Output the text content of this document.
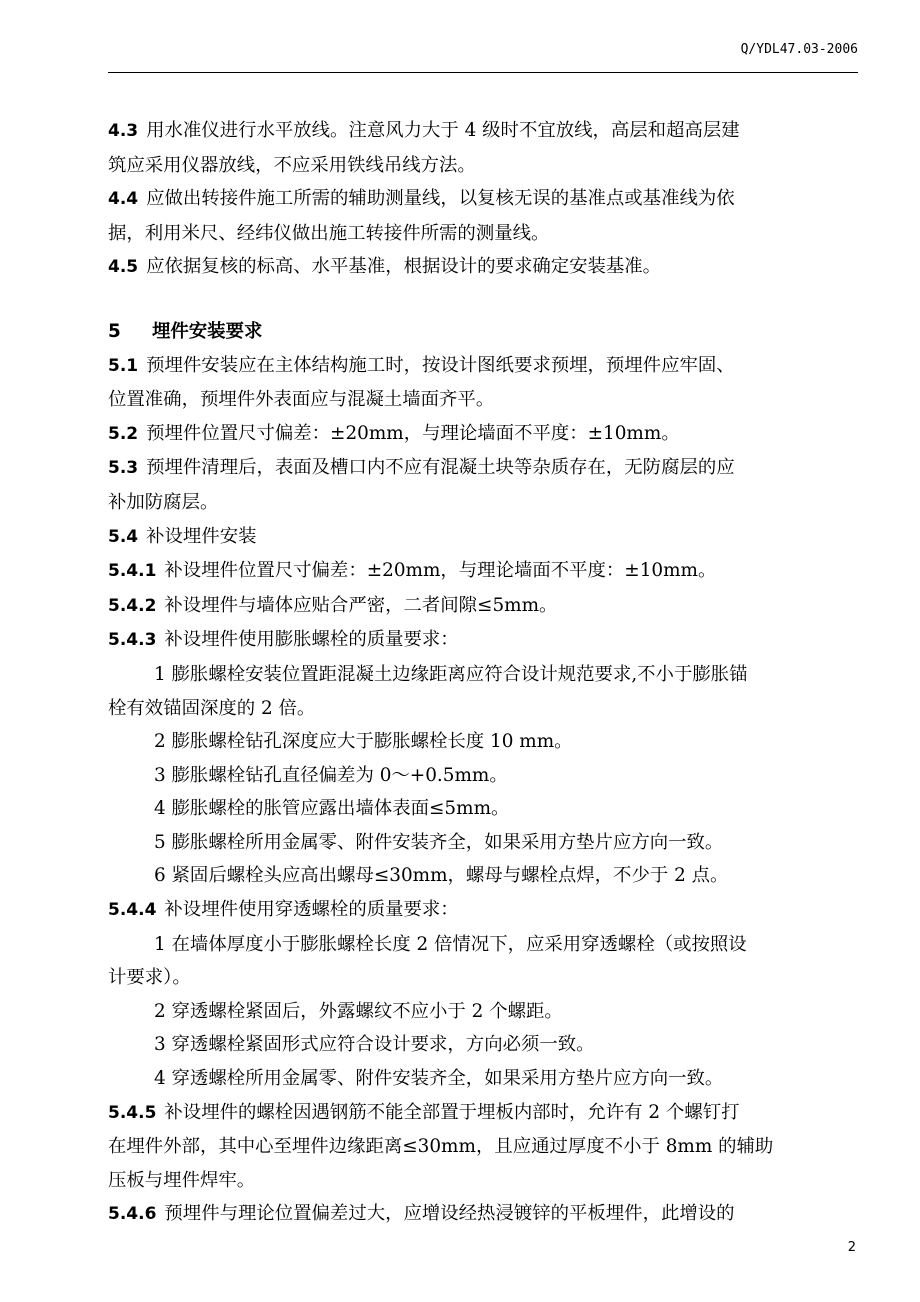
Q/YDL47.03-2006
4.3 用水准仪进行水平放线。注意风力大于 4 级时不宜放线，高层和超高层建
筑应采用仪器放线，不应采用铁线吊线方法。
4.4 应做出转接件施工所需的辅助测量线，以复核无误的基准点或基准线为依
据，利用米尺、经纬仪做出施工转接件所需的测量线。
4.5 应依据复核的标高、水平基准，根据设计的要求确定安装基准。
5 埋件安装要求
5.1 预埋件安装应在主体结构施工时，按设计图纸要求预埋，预埋件应牢固、
位置准确，预埋件外表面应与混凝土墙面齐平。
5.2 预埋件位置尺寸偏差：±20mm，与理论墙面不平度：±10mm。
5.3 预埋件清理后，表面及槽口内不应有混凝土块等杂质存在，无防腐层的应
补加防腐层。
5.4 补设埋件安装
5.4.1 补设埋件位置尺寸偏差：±20mm，与理论墙面不平度：±10mm。
5.4.2 补设埋件与墙体应贴合严密，二者间隙≤5mm。
5.4.3 补设埋件使用膨胀螺栓的质量要求：
1 膨胀螺栓安装位置距混凝土边缘距离应符合设计规范要求,不小于膨胀锚
栓有效锚固深度的 2 倍。
2 膨胀螺栓钻孔深度应大于膨胀螺栓长度 10 mm。
3 膨胀螺栓钻孔直径偏差为 0～+0.5mm。
4 膨胀螺栓的胀管应露出墙体表面≤5mm。
5 膨胀螺栓所用金属零、附件安装齐全，如果采用方垫片应方向一致。
6 紧固后螺栓头应高出螺母≤30mm，螺母与螺栓点焊，不少于 2 点。
5.4.4 补设埋件使用穿透螺栓的质量要求：
1 在墙体厚度小于膨胀螺栓长度 2 倍情况下，应采用穿透螺栓（或按照设
计要求）。
2 穿透螺栓紧固后，外露螺纹不应小于 2 个螺距。
3 穿透螺栓紧固形式应符合设计要求，方向必须一致。
4 穿透螺栓所用金属零、附件安装齐全，如果采用方垫片应方向一致。
5.4.5 补设埋件的螺栓因遇钢筋不能全部置于埋板内部时，允许有 2 个螺钉打
在埋件外部，其中心至埋件边缘距离≤30mm，且应通过厚度不小于 8mm 的辅助
压板与埋件焊牢。
5.4.6 预埋件与理论位置偏差过大，应增设经热浸镀锌的平板埋件，此增设的
2
